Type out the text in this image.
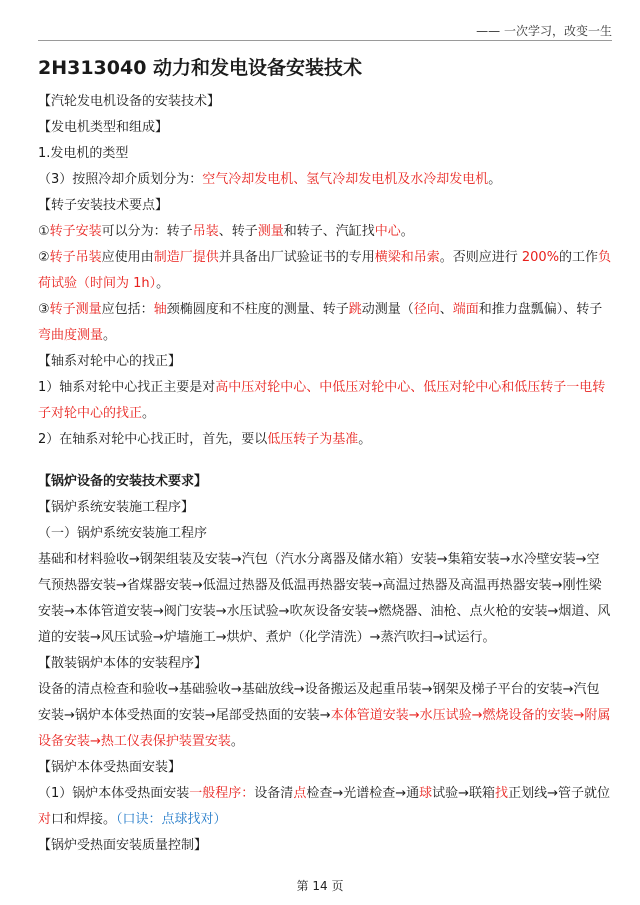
—— 一次学习，改变一生
2H313040 动力和发电设备安装技术
【汽轮发电机设备的安装技术】
【发电机类型和组成】
1.发电机的类型
（3）按照冷却介质划分为：空气冷却发电机、氢气冷却发电机及水冷却发电机。
【转子安装技术要点】
①转子安装可以分为：转子吊装、转子测量和转子、汽缸找中心。
②转子吊装应使用由制造厂提供并具备出厂试验证书的专用横梁和吊索。否则应进行 200%的工作负荷试验（时间为 1h）。
③转子测量应包括：轴颈椭圆度和不柱度的测量、转子跳动测量（径向、端面和推力盘瓢偏）、转子弯曲度测量。
【轴系对轮中心的找正】
1）轴系对轮中心找正主要是对高中压对轮中心、中低压对轮中心、低压对轮中心和低压转子一电转子对轮中心的找正。
2）在轴系对轮中心找正时，首先，要以低压转子为基准。
【锅炉设备的安装技术要求】
【锅炉系统安装施工程序】
（一）锅炉系统安装施工程序
基础和材料验收→钢架组装及安装→汽包（汽水分离器及储水箱）安装→集箱安装→水冷壁安装→空气预热器安装→省煤器安装→低温过热器及低温再热器安装→高温过热器及高温再热器安装→刚性梁安装→本体管道安装→阀门安装→水压试验→吹灰设备安装→燃烧器、油枪、点火枪的安装→烟道、风道的安装→风压试验→炉墙施工→烘炉、煮炉（化学清洗）→蒸汽吹扫→试运行。
【散装锅炉本体的安装程序】
设备的清点检查和验收→基础验收→基础放线→设备搬运及起重吊装→钢架及梯子平台的安装→汽包安装→锅炉本体受热面的安装→尾部受热面的安装→本体管道安装→水压试验→燃烧设备的安装→附属设备安装→热工仪表保护装置安装。
【锅炉本体受热面安装】
（1）锅炉本体受热面安装一般程序：设备清点检查→光谱检查→通球试验→联箱找正划线→管子就位对口和焊接。（口诀：点球找对）
【锅炉受热面安装质量控制】
第 14 页
